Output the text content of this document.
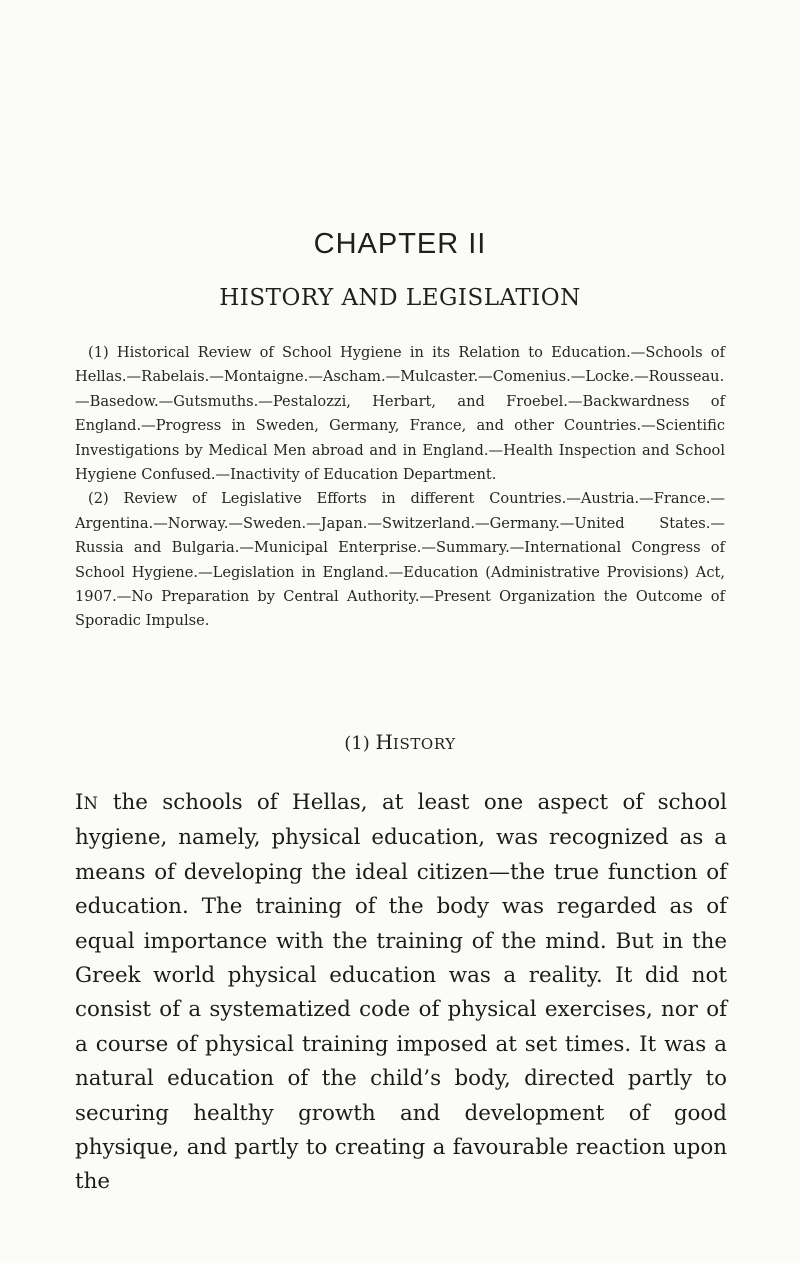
CHAPTER II
HISTORY AND LEGISLATION

(1) Historical Review of School Hygiene in its Relation to Education.—Schools of Hellas.—Rabelais.—Montaigne.—Ascham.—Mulcaster.—Comenius.—Locke.—Rousseau.—Basedow.—Gutsmuths.—Pestalozzi, Herbart, and Froebel.—Backwardness of England.—Progress in Sweden, Germany, France, and other Countries.—Scientific Investigations by Medical Men abroad and in England.—Health Inspection and School Hygiene Confused.—Inactivity of Education Department.

(2) Review of Legislative Efforts in different Countries.—Austria.—France.—Argentina.—Norway.—Sweden.—Japan.—Switzerland.—Germany.—United States.—Russia and Bulgaria.—Municipal Enterprise.—Summary.—International Congress of School Hygiene.—Legislation in England.—Education (Administrative Provisions) Act, 1907.—No Preparation by Central Authority.—Present Organization the Outcome of Sporadic Impulse.

(1) HISTORY

IN the schools of Hellas, at least one aspect of school hygiene, namely, physical education, was recognized as a means of developing the ideal citizen—the true function of education. The training of the body was regarded as of equal importance with the training of the mind. But in the Greek world physical education was a reality. It did not consist of a systematized code of physical exercises, nor of a course of physical training imposed at set times. It was a natural education of the child’s body, directed partly to securing healthy growth and development of good physique, and partly to creating a favourable reaction upon the
